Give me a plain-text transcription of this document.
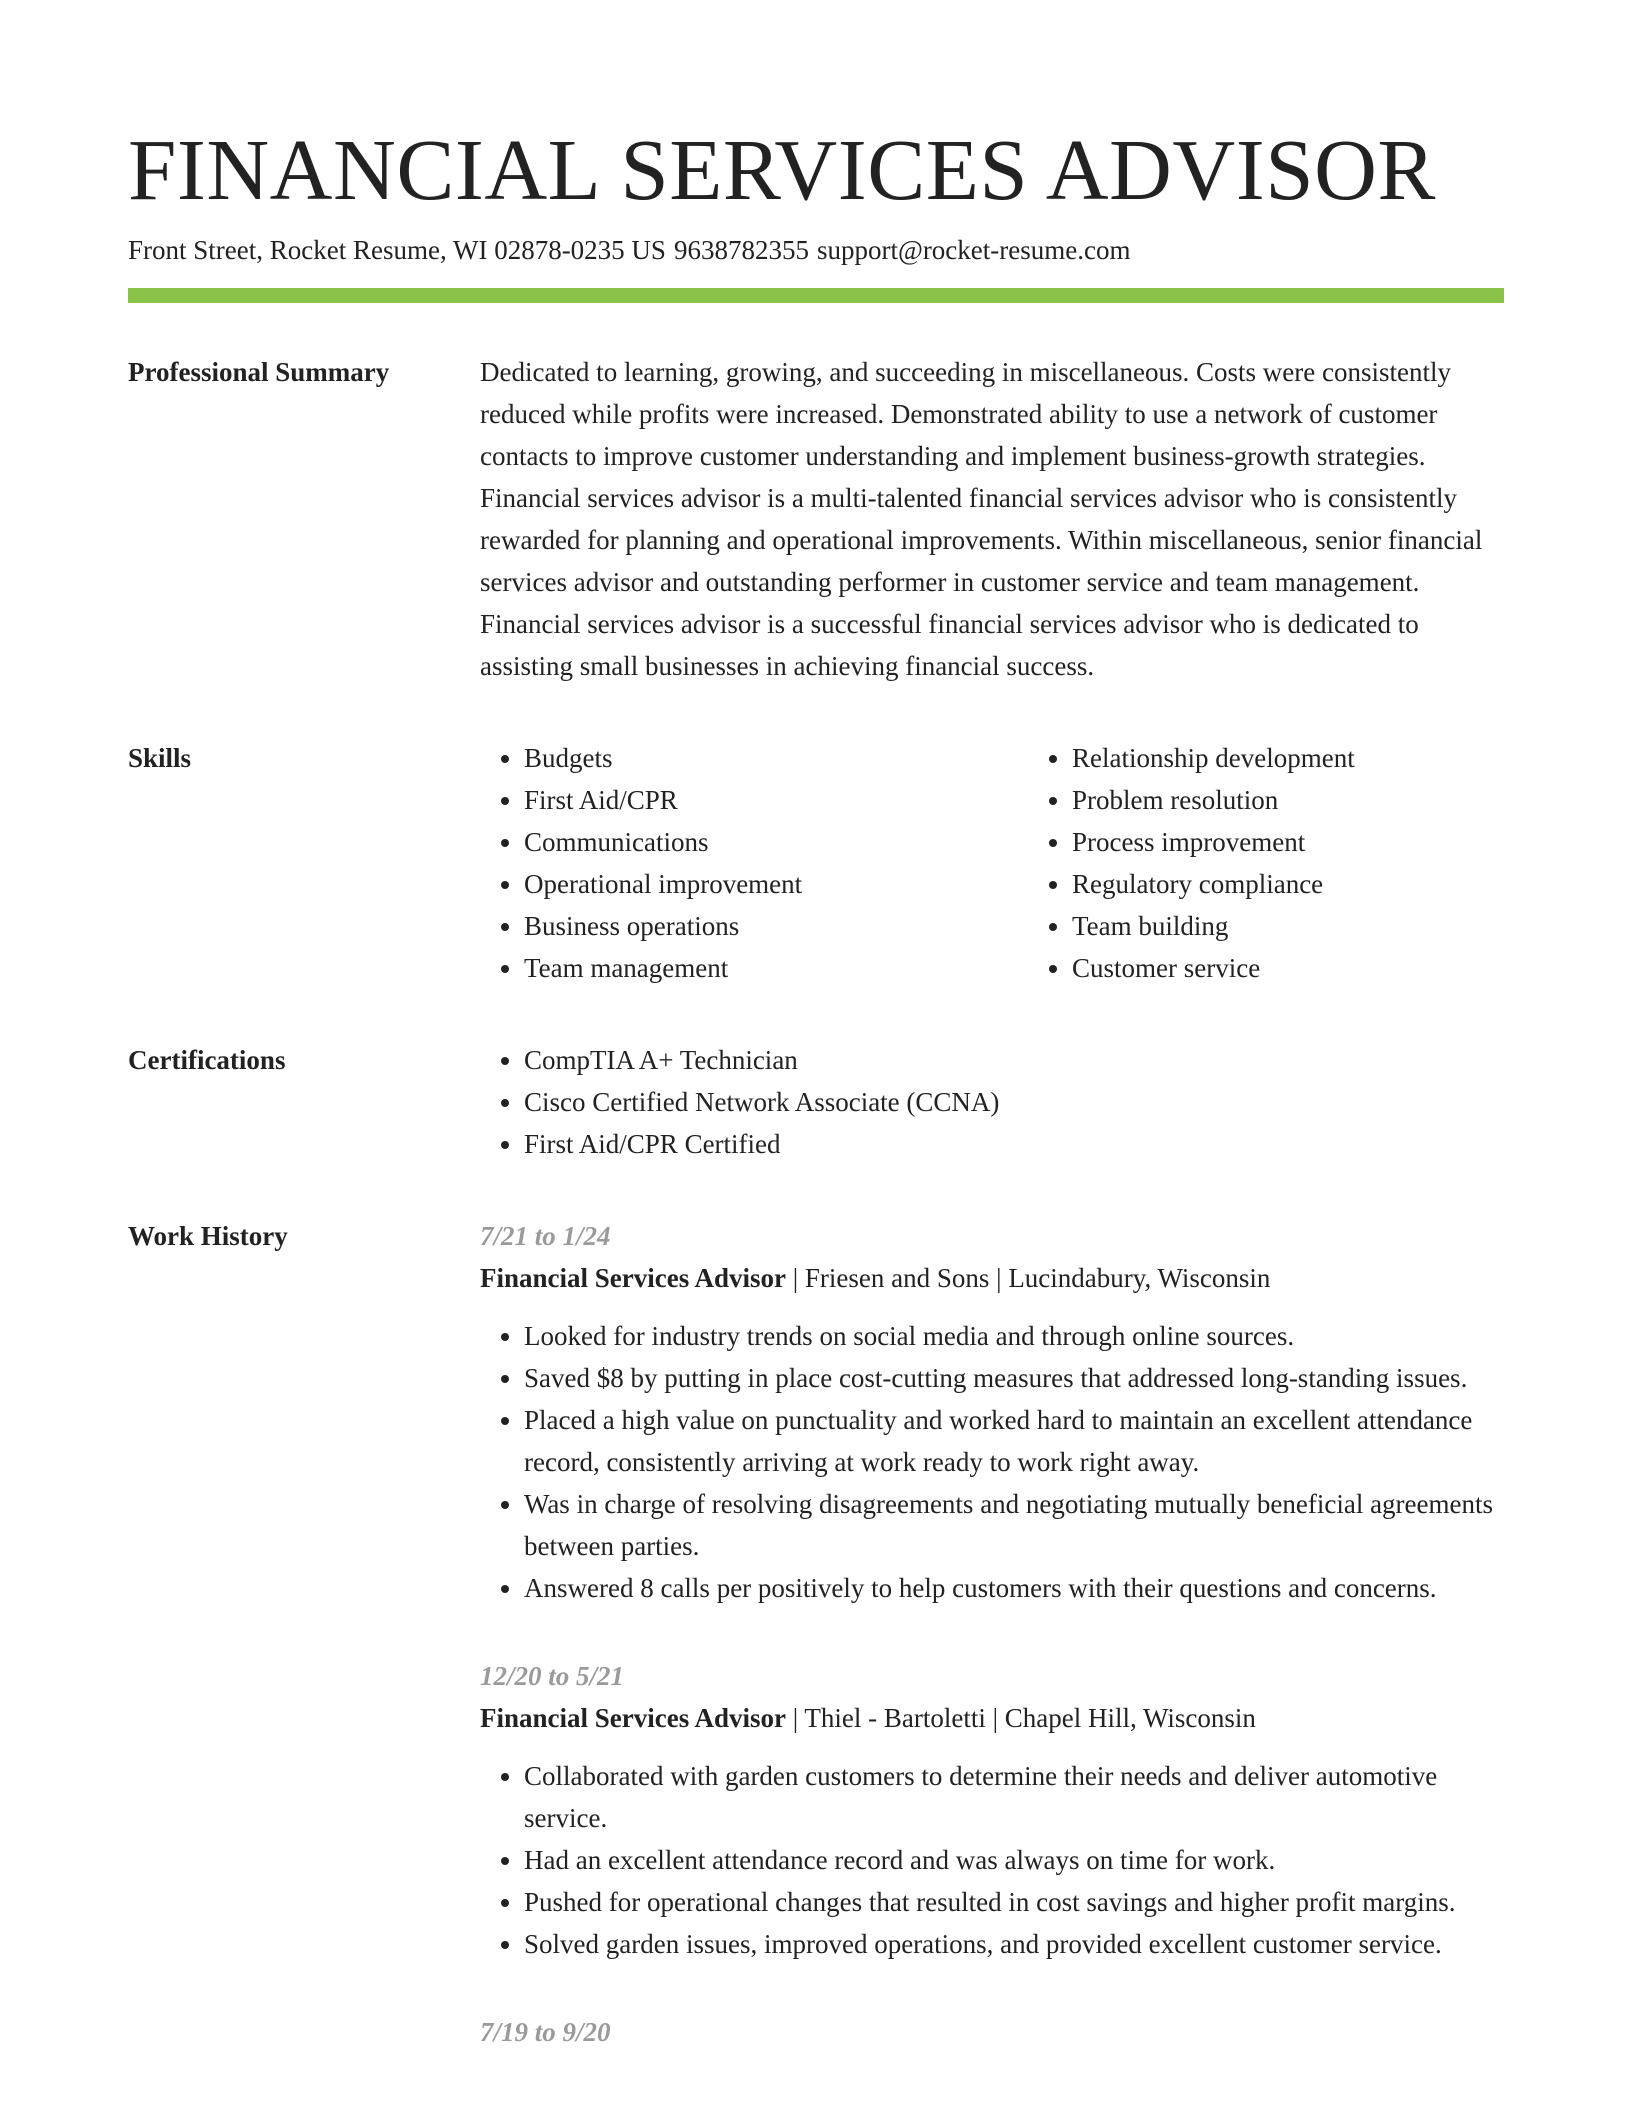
FINANCIAL SERVICES ADVISOR
Front Street, Rocket Resume, WI 02878-0235 US 9638782355 support@rocket-resume.com
Professional Summary	Dedicated to learning, growing, and succeeding in miscellaneous. Costs were consistently reduced while profits were increased. Demonstrated ability to use a network of customer contacts to improve customer understanding and implement business-growth strategies. Financial services advisor is a multi-talented financial services advisor who is consistently rewarded for planning and operational improvements. Within miscellaneous, senior financial services advisor and outstanding performer in customer service and team management. Financial services advisor is a successful financial services advisor who is dedicated to assisting small businesses in achieving financial success.

Skills	• Budgets
• First Aid/CPR
• Communications
• Operational improvement
• Business operations
• Team management
• Relationship development
• Problem resolution
• Process improvement
• Regulatory compliance
• Team building
• Customer service
Certifications	• CompTIA A+ Technician
• Cisco Certified Network Associate (CCNA)
• First Aid/CPR Certified
Work History	7/21 to 1/24
Financial Services Advisor | Friesen and Sons | Lucindabury, Wisconsin
• Looked for industry trends on social media and through online sources.
• Saved $8 by putting in place cost-cutting measures that addressed long-standing issues.
• Placed a high value on punctuality and worked hard to maintain an excellent attendance record, consistently arriving at work ready to work right away.
• Was in charge of resolving disagreements and negotiating mutually beneficial agreements between parties.
• Answered 8 calls per positively to help customers with their questions and concerns.
12/20 to 5/21
Financial Services Advisor | Thiel - Bartoletti | Chapel Hill, Wisconsin
• Collaborated with garden customers to determine their needs and deliver automotive service.
• Had an excellent attendance record and was always on time for work.
• Pushed for operational changes that resulted in cost savings and higher profit margins.
• Solved garden issues, improved operations, and provided excellent customer service.
7/19 to 9/20
